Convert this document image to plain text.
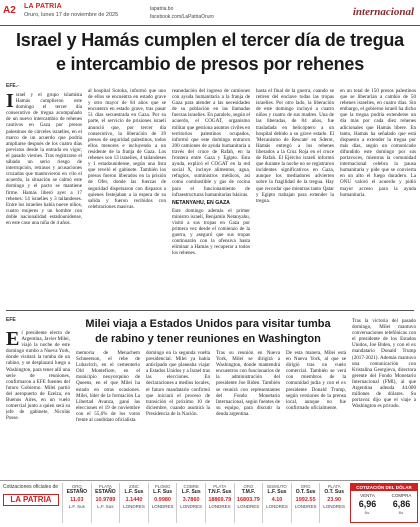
A2 LA PATRIA
Oruro, lunes 17 de noviembre de 2025
lapatria.bo
facebook.com/LaPatriaOruro	internacional
Israel y Hamás cumplen el tercer día de tregua
e intercambio de presos por rehenes
EFE.-
Israel y el grupo islamista Hamás cumplieron este domingo el tercer día consecutivo de tregua acompañado de un nuevo intercambio de rehenes cautivos en Gaza por presos palestinos de cárceles israelíes, en el marco de un acuerdo que podría ampliarse después de los cuatro días previstos desde la entrada en vigor, el pasado viernes. Tras registrarse el sábado un serio riesgo de interrupción, retrasos y acusaciones cruzadas que mantuvieron en vilo el acuerdo, la situación se calmó este domingo y el pacto se mantiene firme. Hamás liberó ayer a 17 rehenes: 14 israelíes y 3 tailandeses. Entre los israelíes había nueve niños, cuatro mujeres y un hombre con doble nacionalidad estadounidense, en este caso una niña de 4 años.
al hospital Soroka, informó que uno de ellos se encuentra en estado grave y otro mayor de 84 años que se encuentra en estado grave, tras pasar 51 días secuestrada en Gaza. Por su parte, el servicio de prisiones israelí anunció que, por tercer día consecutivo, la liberación de 39 presos de seguridad palestinos, todos ellos menores e incluyendo a un residente de la franja de Gaza. Los rehenes son 13 israelíes, 4 tailandeses y 1 estadounidense, según una lista que reveló el gabinete. También los presos fueron liberados en la prisión de Ofer, donde las fuerzas de seguridad dispersaron con disparos a quienes festejaban a la espera de su salida y fueron recibidos con celebraciones masivas.
reanudación del ingreso de camiones con ayuda humanitaria a la franja de Gaza para atender a las necesidades de su población en las llamadas fuerzas israelíes. En paralelo, según el acuerdo, el COGAT, organismo militar que gestiona asuntos civiles en territorios palestinos ocupados, informó que este domingo entraron 200 camiones de ayuda humanitaria a través del cruce de Rafah, en la frontera entre Gaza y Egipto. Esta ayuda, explicó el COGAT en la red social X, incluye alimentos, agua, refugios, suministros médicos, así como combustible y gas de cocina para el funcionamiento de infraestructuras humanitarias básicas.
NETANYAHU, EN GAZA
Este domingo además el primer ministro israelí, Benjamín Netanyahu, visitó a sus tropas en Gaza por primera vez desde el comienzo de la guerra, y aseguró que sus tropas continuarán con la ofensiva hasta eliminar a Hamás y recuperar a todos los rehenes.
hasta el final de la guerra, cuando se retiren del enclave todas las tropas israelíes. Por otro lado, la liberación de este domingo incluyó a cuatro niños y cuatro de sus madres. Una de las liberadas, de 84 años, fue trasladada en helicóptero a un hospital debido a su grave estado. El 'Mecanismo de Rescate' en Sderot, Hamás entregó a los rehenes liberados a la Cruz Roja en el cruce de Rafah. El Ejército israelí informó que durante la noche no se registraron incidentes significativos en Gaza, aunque los mediadores advierten sobre la fragilidad de la tregua. Hay que recordar que mientras tanto Qatar y Egipto trabajan para extender la tregua.
en un total de 150 presos palestinos que se liberarían a cambio de 50 rehenes israelíes, en cuatro días. Sin embargo, el gobierno israelí ha dicho que la tregua podría extenderse un día más por cada diez rehenes adicionales que Hamás libere. En tanto, Hamás ha señalado que está dispuesto a extender la tregua por más días, según un comunicado difundido este domingo por sus portavoces, mientras la comunidad internacional celebra la pausa humanitaria y pide que se convierta en un alto el fuego duradero. La ONU valoró el acuerdo y pidió mayor acceso para la ayuda humanitaria.
EFE	Milei viaja a Estados Unidos para visitar tumba
de rabino y tener reuniones en Washington
El presidente electo de Argentina, Javier Milei, viajó la noche de este domingo rumbo a Nueva York, donde visitará la tumba de un rabino, y se desplazará luego a Washington, para tener allí una serie de reuniones, confirmaron a EFE fuentes del futuro Gobierno. Milei partió del aeropuerto de Ezeiza, en Buenos Aires, en un vuelo comercial junto a quien será su jefe de gabinete, Nicolás Posse.
memoria de Menachem Schneerson, el rebe de Lubavitch, en el cementerio Old Montefiore, en el municipio neoyorquino de Queens, en el que Milei ha estado en otras ocasiones. Milei, líder de la formación La Libertad Avanza, ganó las elecciones el 19 de noviembre con el 55,6% de los votos frente al candidato oficialista.
domingo en la segunda vuelta presidencial. Milei ya había anticipado que planeaba viajar a Estados Unidos y a Israel tras las elecciones. En declaraciones a medios locales, el futuro mandatario confirmó que iniciará el proceso de transición el próximo 10 de diciembre, cuando asumirá la Presidencia de la Nación.
Tras su reunión en Nueva York, Milei se dirigirá a Washington, donde mantendrá encuentros con funcionarios de la administración del presidente Joe Biden. También se reunirá con representantes del Fondo Monetario Internacional, según fuentes de su equipo, para discutir la deuda argentina.
De esta manera, Milei está en Nueva York, al que se dirigió tras un vuelo comercial. También se verá con miembros de la comunidad judía y con el ex presidente Donald Trump, según versiones de la prensa local, aunque no fue confirmado oficialmente.
Tras la victoria del pasado domingo, Milei mantuvo conversaciones telefónicas con el presidente de los Estados Unidos, Joe Biden, y con el ex mandatario Donald Trump (2017-2021). Además mantuvo una comunicación con Kristalina Georgieva, directora gerente del Fondo Monetario Internacional (FMI), al que Argentina adeuda 44.000 millones de dólares. Su portavoz dijo que el viaje a Washington es privado.
Cotizaciones oficiales de
LA PATRIA
ORO
ESTAÑO
11.03
L.F. Sus
PLATA
ESTAÑO
10.9789
L.F. Sus
ZINC
L.F. Sus
1.1440
LONDRES
PLOMO
L.F. Sus
0.9980
LONDRES
COBRE
L.F. Sus
3.7860
LONDRES
PLATA
T.N.F. Sus
18869.79
LONDRES
ORO
T.M.F.
16803.79
LONDRES
BISMUTO
L.F. Sus
4.10
LONDRES
ORO
O.T. Sus
1992.55
LONDRES
PLATA
O.T. Sus
23.90
LONDRES
COTIZACIÓN DEL DÓLAR
VENTA
6,96
Bs.
COMPRA
6,86
Bs.
